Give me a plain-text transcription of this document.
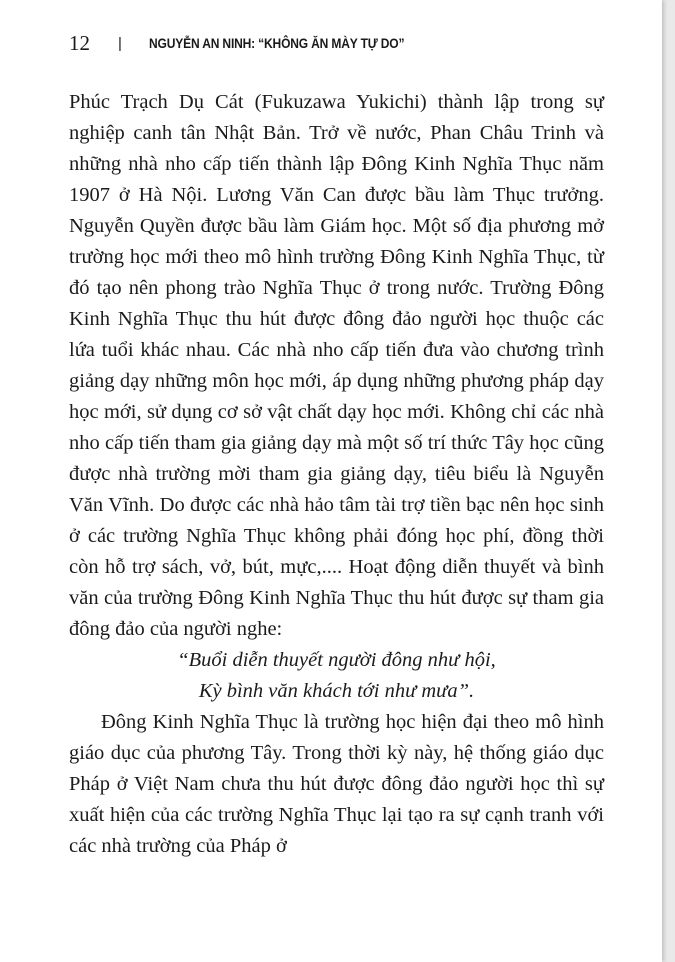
12 | NGUYỄN AN NINH: “KHÔNG ĂN MÀY TỰ DO”

Phúc Trạch Dụ Cát (Fukuzawa Yukichi) thành lập trong sự nghiệp canh tân Nhật Bản. Trở về nước, Phan Châu Trinh và những nhà nho cấp tiến thành lập Đông Kinh Nghĩa Thục năm 1907 ở Hà Nội. Lương Văn Can được bầu làm Thục trưởng. Nguyễn Quyền được bầu làm Giám học. Một số địa phương mở trường học mới theo mô hình trường Đông Kinh Nghĩa Thục, từ đó tạo nên phong trào Nghĩa Thục ở trong nước. Trường Đông Kinh Nghĩa Thục thu hút được đông đảo người học thuộc các lứa tuổi khác nhau. Các nhà nho cấp tiến đưa vào chương trình giảng dạy những môn học mới, áp dụng những phương pháp dạy học mới, sử dụng cơ sở vật chất dạy học mới. Không chỉ các nhà nho cấp tiến tham gia giảng dạy mà một số trí thức Tây học cũng được nhà trường mời tham gia giảng dạy, tiêu biểu là Nguyễn Văn Vĩnh. Do được các nhà hảo tâm tài trợ tiền bạc nên học sinh ở các trường Nghĩa Thục không phải đóng học phí, đồng thời còn hỗ trợ sách, vở, bút, mực,.... Hoạt động diễn thuyết và bình văn của trường Đông Kinh Nghĩa Thục thu hút được sự tham gia đông đảo của người nghe:

“Buổi diễn thuyết người đông như hội,
Kỳ bình văn khách tới như mưa”.

Đông Kinh Nghĩa Thục là trường học hiện đại theo mô hình giáo dục của phương Tây. Trong thời kỳ này, hệ thống giáo dục Pháp ở Việt Nam chưa thu hút được đông đảo người học thì sự xuất hiện của các trường Nghĩa Thục lại tạo ra sự cạnh tranh với các nhà trường của Pháp ở
